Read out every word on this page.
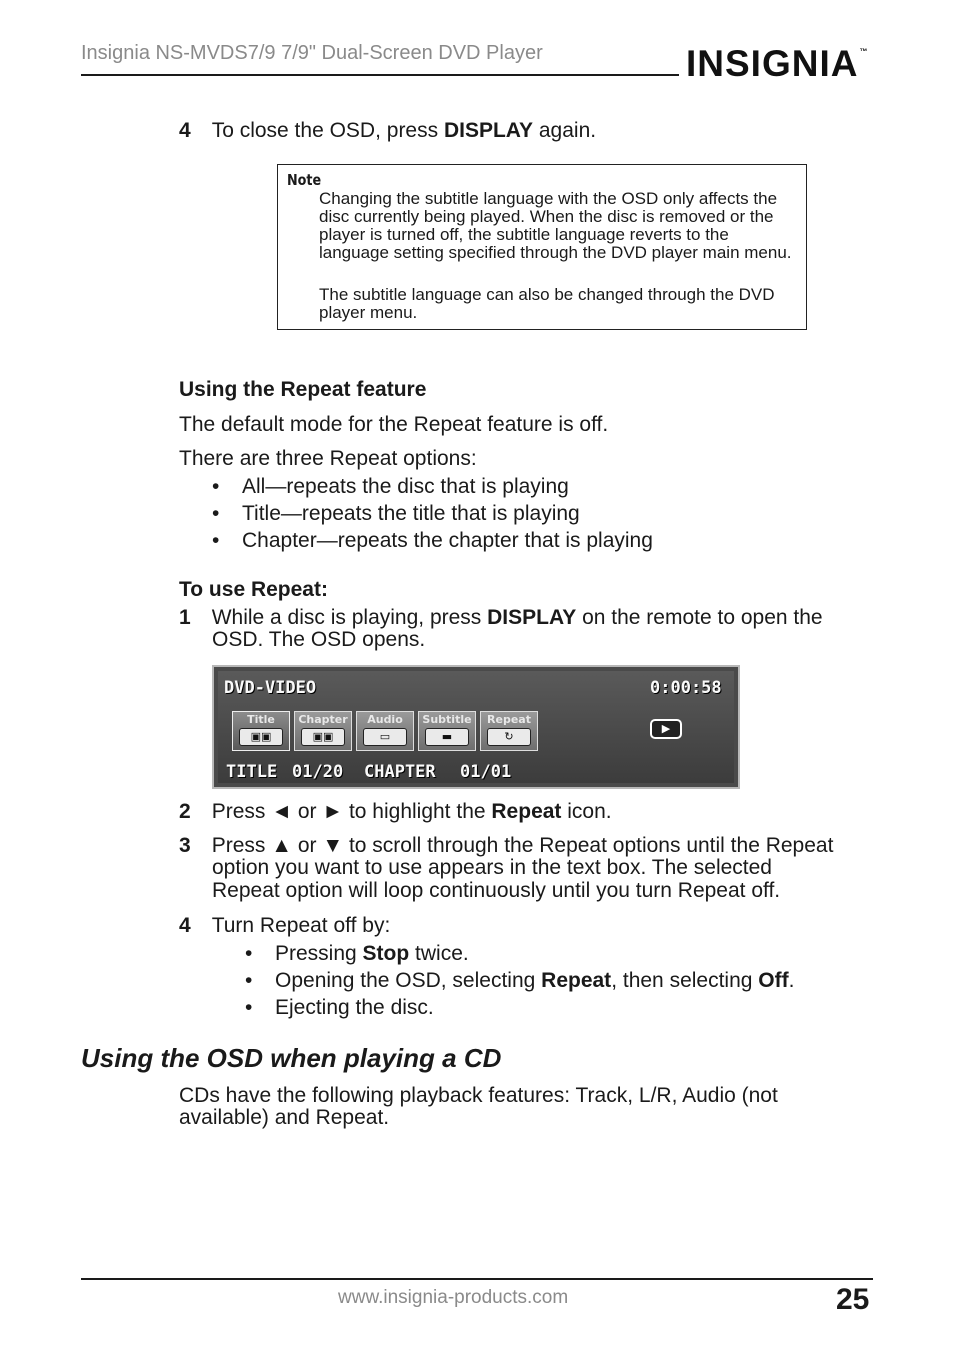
Insignia NS-MVDS7/9 7/9" Dual-Screen DVD Player	INSIGNIA™
4 To close the OSD, press DISPLAY again.
Note
Changing the subtitle language with the OSD only affects the disc currently being played. When the disc is removed or the player is turned off, the subtitle language reverts to the language setting specified through the DVD player main menu.
The subtitle language can also be changed through the DVD player menu.
Using the Repeat feature
The default mode for the Repeat feature is off.
There are three Repeat options:
• All—repeats the disc that is playing
• Title—repeats the title that is playing
• Chapter—repeats the chapter that is playing
To use Repeat:
1 While a disc is playing, press DISPLAY on the remote to open the
OSD. The OSD opens.
DVD-VIDEO	0:00:58
Title
▣▣
Chapter
▣▣
Audio
▭
Subtitle
▬
Repeat
↻
▶
TITLE 01/20 CHAPTER 01/01
2 Press ◄ or ► to highlight the Repeat icon.
3 Press ▲ or ▼ to scroll through the Repeat options until the Repeat
option you want to use appears in the text box. The selected
Repeat option will loop continuously until you turn Repeat off.
4 Turn Repeat off by:
• Pressing Stop twice.
• Opening the OSD, selecting Repeat, then selecting Off.
• Ejecting the disc.
Using the OSD when playing a CD
CDs have the following playback features: Track, L/R, Audio (not
available) and Repeat.
www.insignia-products.com	25
